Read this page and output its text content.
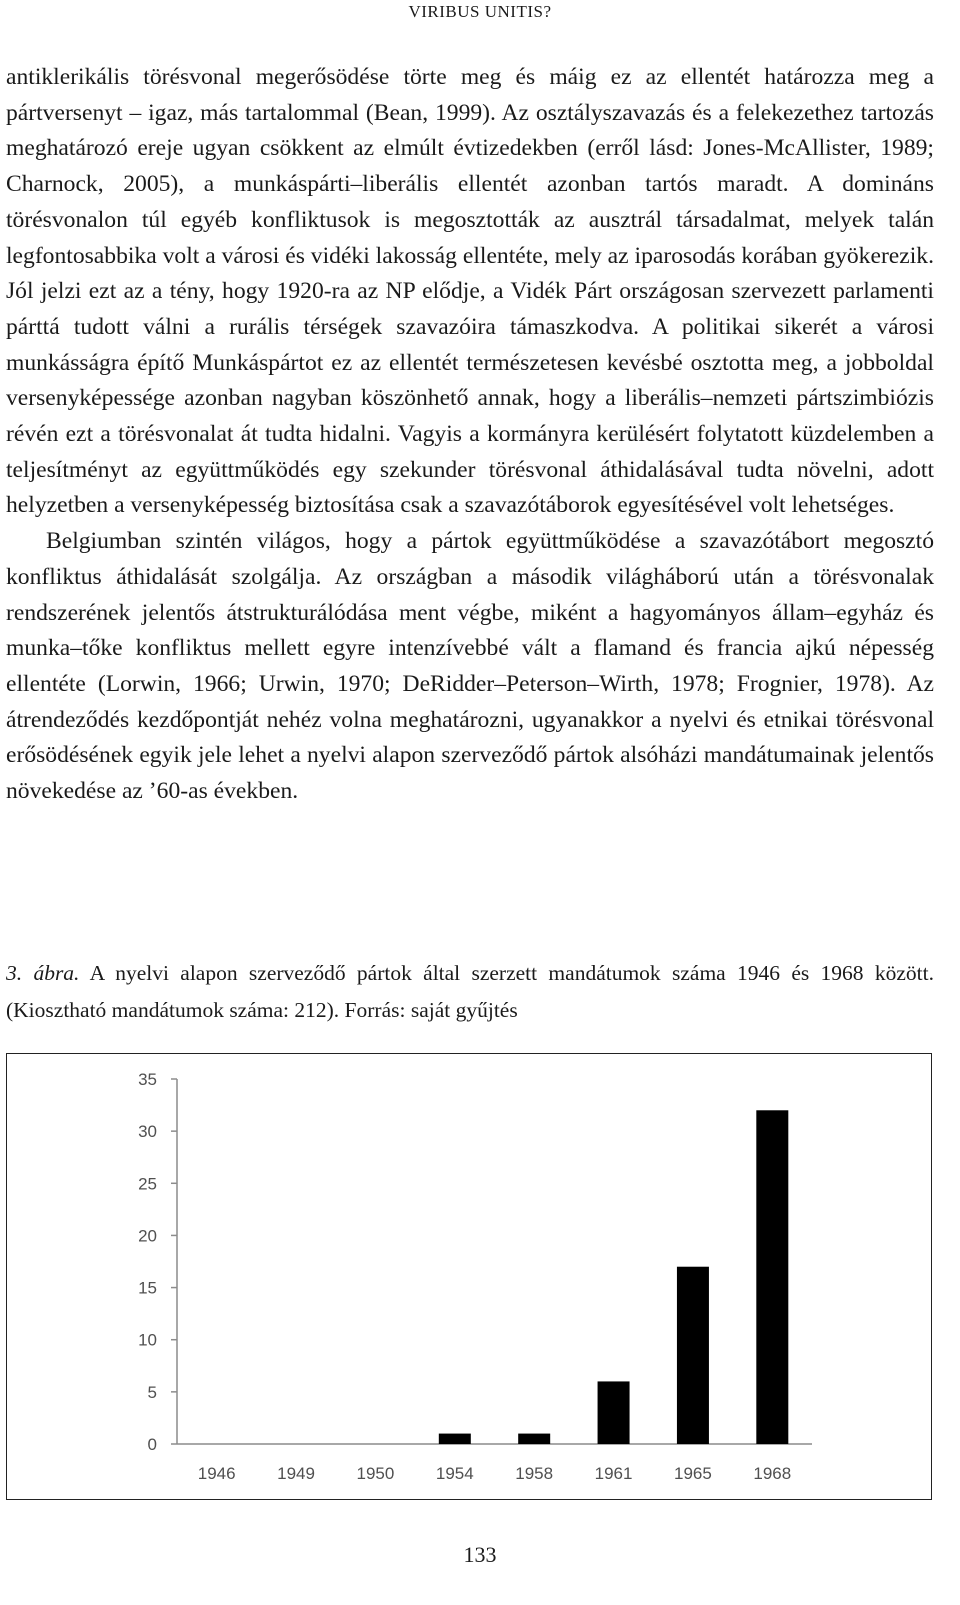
VIRIBUS UNITIS?

antiklerikális törésvonal megerősödése törte meg és máig ez az ellentét határozza meg a pártversenyt – igaz, más tartalommal (Bean, 1999). Az osztályszavazás és a felekezethez tartozás meghatározó ereje ugyan csökkent az elmúlt évtizedekben (erről lásd: Jones-McAllister, 1989; Charnock, 2005), a munkáspárti–liberális ellentét azonban tartós maradt. A domináns törésvonalon túl egyéb konfliktusok is megosztották az ausztrál társadalmat, melyek talán legfontosabbika volt a városi és vidéki lakosság ellentéte, mely az iparosodás korában gyökerezik. Jól jelzi ezt az a tény, hogy 1920-ra az NP elődje, a Vidék Párt országosan szervezett parlamenti párttá tudott válni a rurális térségek szavazóira támaszkodva. A politikai sikerét a városi munkásságra építő Munkáspártot ez az ellentét természetesen kevésbé osztotta meg, a jobboldal versenyképessége azonban nagyban köszönhető annak, hogy a liberális–nemzeti pártszimbiózis révén ezt a törésvonalat át tudta hidalni. Vagyis a kormányra kerülésért folytatott küzdelemben a teljesítményt az együttműködés egy szekunder törésvonal áthidalásával tudta növelni, adott helyzetben a versenyképesség biztosítása csak a szavazótáborok egyesítésével volt lehetséges.

Belgiumban szintén világos, hogy a pártok együttműködése a szavazótábort megosztó konfliktus áthidalását szolgálja. Az országban a második világháború után a törésvonalak rendszerének jelentős átstrukturálódása ment végbe, miként a hagyományos állam–egyház és munka–tőke konfliktus mellett egyre intenzívebbé vált a flamand és francia ajkú népesség ellentéte (Lorwin, 1966; Urwin, 1970; DeRidder–Peterson–Wirth, 1978; Frognier, 1978). Az átrendeződés kezdőpontját nehéz volna meghatározni, ugyanakkor a nyelvi és etnikai törésvonal erősödésének egyik jele lehet a nyelvi alapon szerveződő pártok alsóházi mandátumainak jelentős növekedése az ’60-as években.

3. ábra. A nyelvi alapon szerveződő pártok által szerzett mandátumok száma 1946 és 1968 között. (Kiosztható mandátumok száma: 212). Forrás: saját gyűjtés
0
5
10
15
20
25
30
35
1946 1949 1950 1954 1958 1961 1965 1968
133
